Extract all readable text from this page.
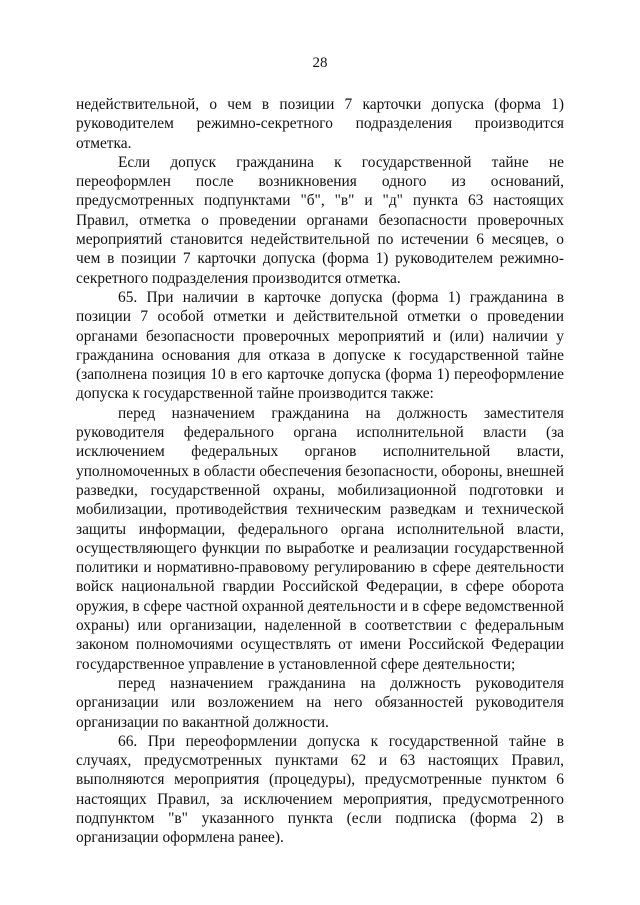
28

недействительной, о чем в позиции 7 карточки допуска (форма 1) руководителем режимно-секретного подразделения производится отметка.

Если допуск гражданина к государственной тайне не переоформлен после возникновения одного из оснований, предусмотренных подпунктами "б", "в" и "д" пункта 63 настоящих Правил, отметка о проведении органами безопасности проверочных мероприятий становится недействительной по истечении 6 месяцев, о чем в позиции 7 карточки допуска (форма 1) руководителем режимно-секретного подразделения производится отметка.

65. При наличии в карточке допуска (форма 1) гражданина в позиции 7 особой отметки и действительной отметки о проведении органами безопасности проверочных мероприятий и (или) наличии у гражданина основания для отказа в допуске к государственной тайне (заполнена позиция 10 в его карточке допуска (форма 1) переоформление допуска к государственной тайне производится также:

перед назначением гражданина на должность заместителя руководителя федерального органа исполнительной власти (за исключением федеральных органов исполнительной власти, уполномоченных в области обеспечения безопасности, обороны, внешней разведки, государственной охраны, мобилизационной подготовки и мобилизации, противодействия техническим разведкам и технической защиты информации, федерального органа исполнительной власти, осуществляющего функции по выработке и реализации государственной политики и нормативно-правовому регулированию в сфере деятельности войск национальной гвардии Российской Федерации, в сфере оборота оружия, в сфере частной охранной деятельности и в сфере ведомственной охраны) или организации, наделенной в соответствии с федеральным законом полномочиями осуществлять от имени Российской Федерации государственное управление в установленной сфере деятельности;

перед назначением гражданина на должность руководителя организации или возложением на него обязанностей руководителя организации по вакантной должности.

66. При переоформлении допуска к государственной тайне в случаях, предусмотренных пунктами 62 и 63 настоящих Правил, выполняются мероприятия (процедуры), предусмотренные пунктом 6 настоящих Правил, за исключением мероприятия, предусмотренного подпунктом "в" указанного пункта (если подписка (форма 2) в организации оформлена ранее).
